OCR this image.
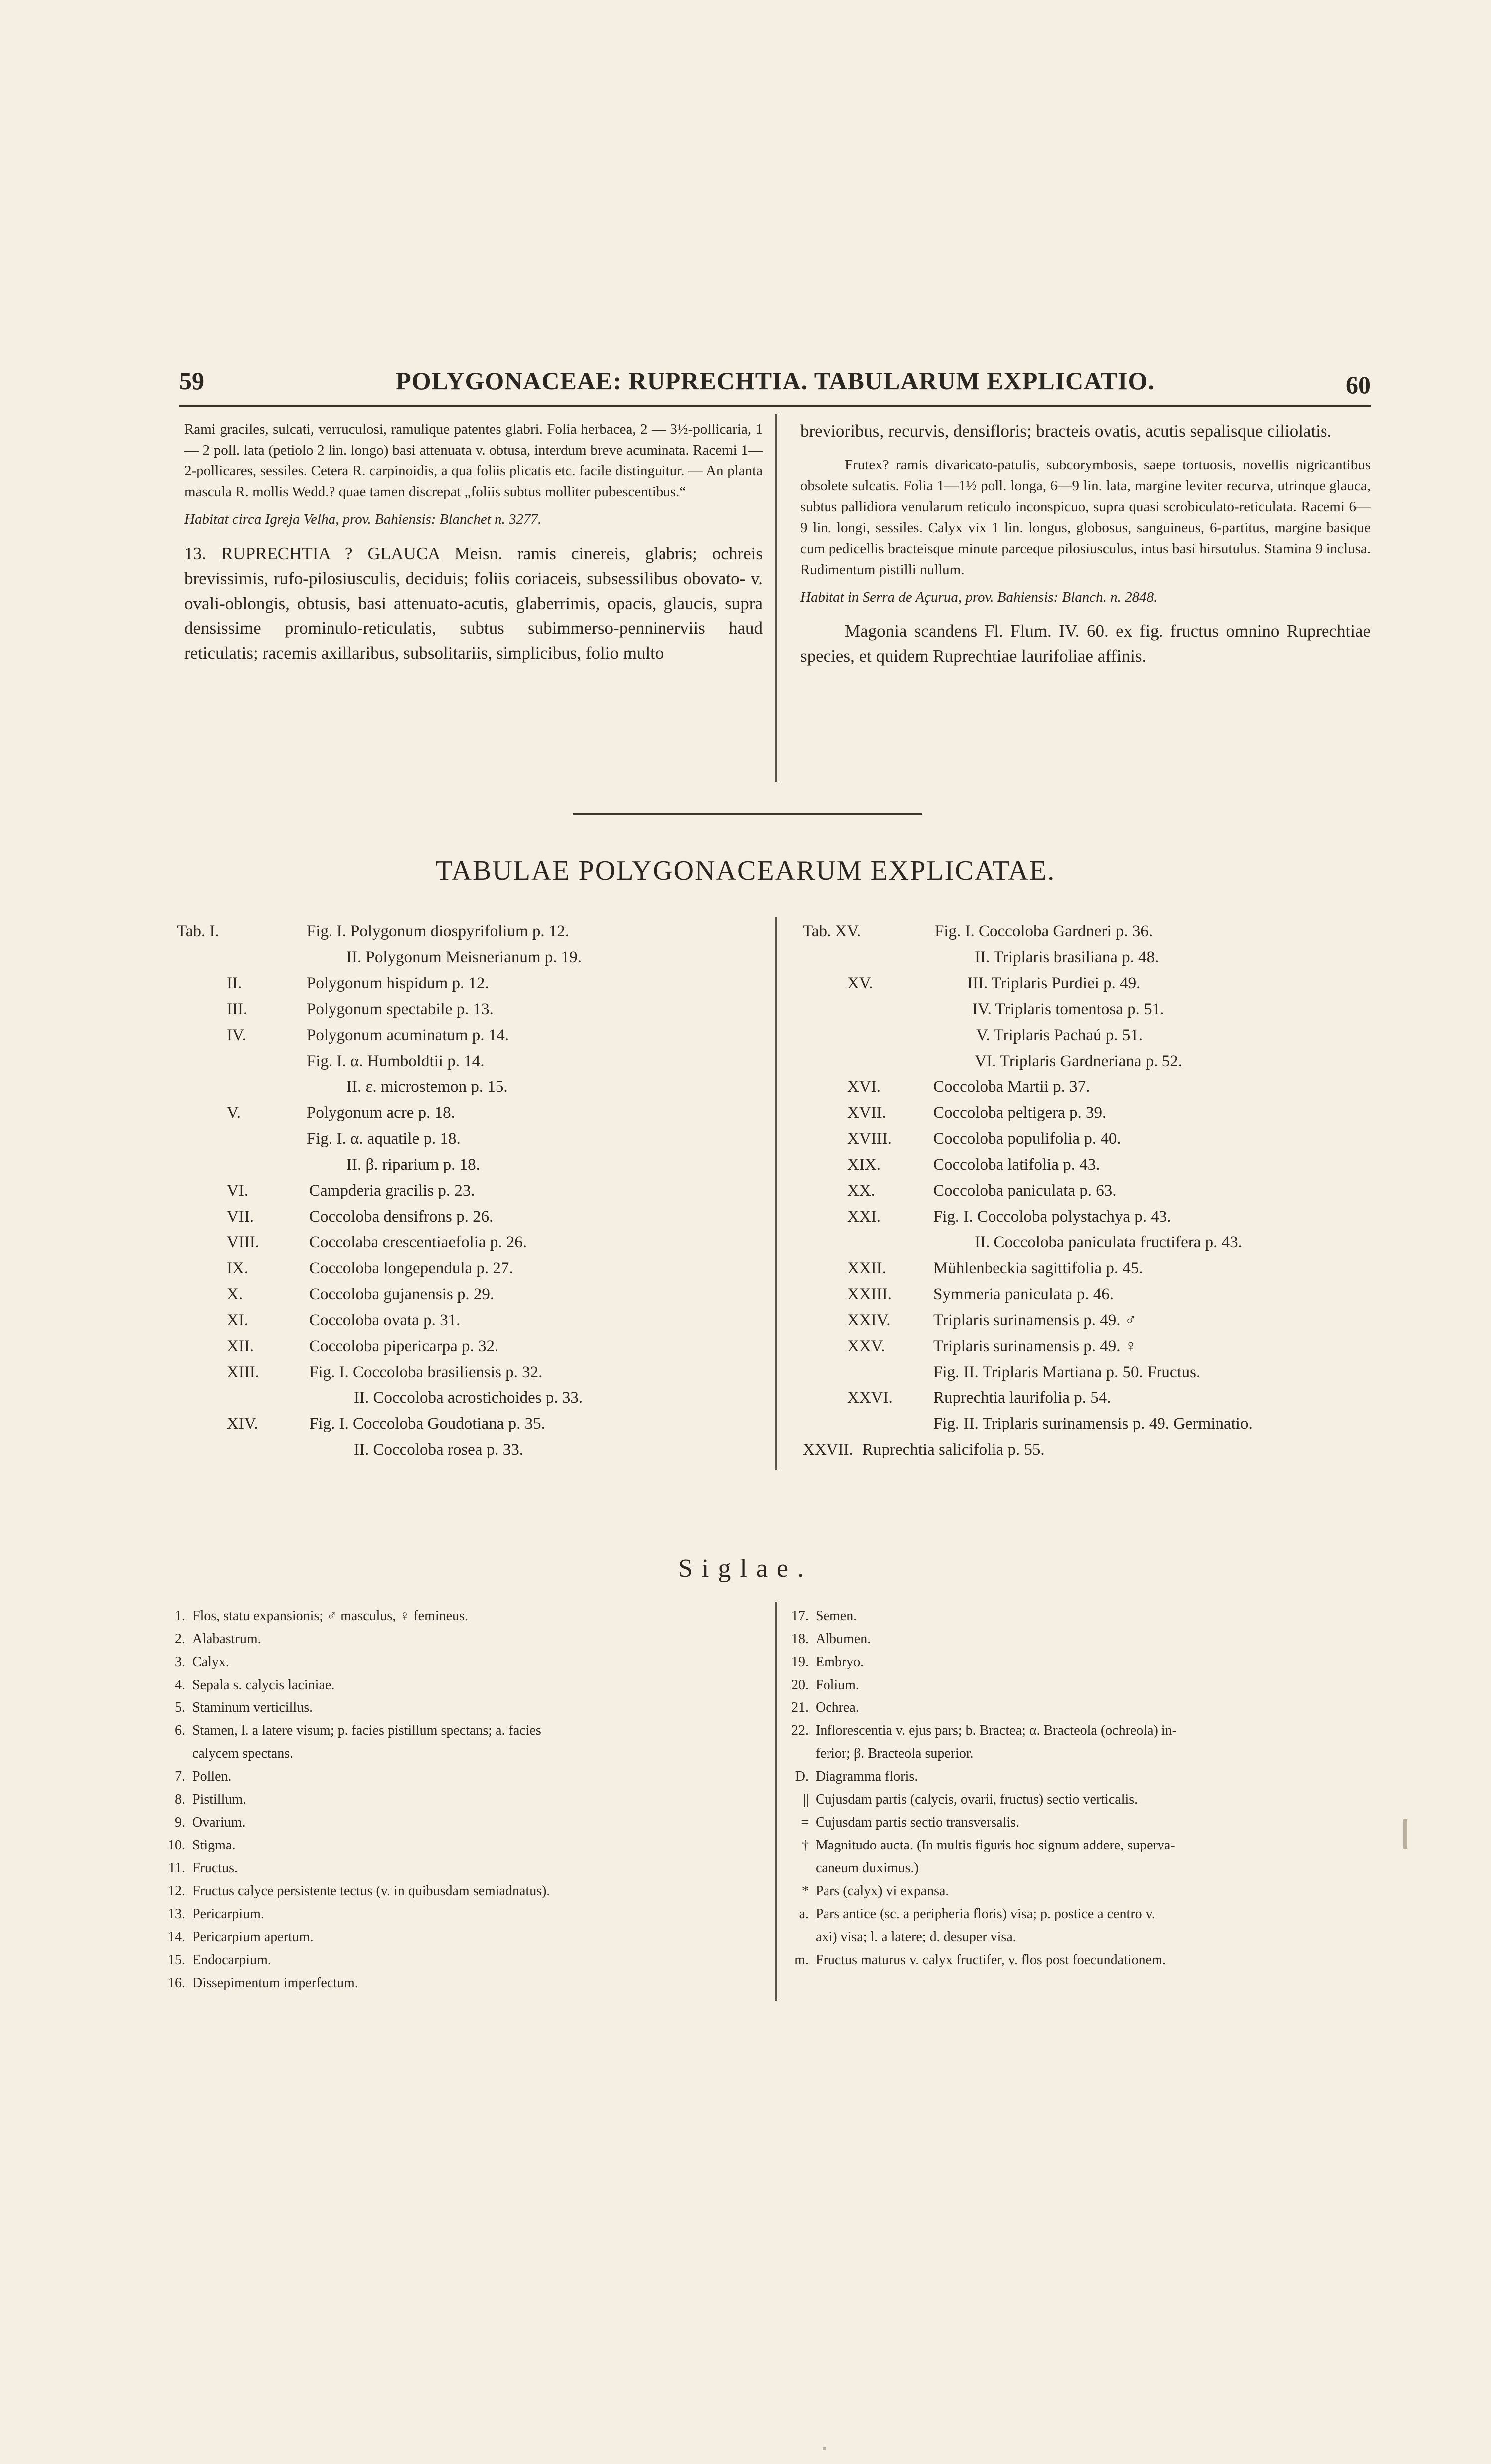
59	POLYGONACEAE: RUPRECHTIA. TABULARUM EXPLICATIO.	60

Rami graciles, sulcati, verruculosi, ramulique patentes glabri. Folia herbacea, 2 — 3½-pollicaria, 1 — 2 poll. lata (petiolo 2 lin. longo) basi attenuata v. obtusa, interdum breve acuminata. Racemi 1—2-pollicares, sessiles. Cetera R. carpinoidis, a qua foliis plicatis etc. facile distinguitur. — An planta mascula R. mollis Wedd.? quae tamen discrepat „foliis subtus molliter pubescentibus.“

Habitat circa Igreja Velha, prov. Bahiensis: Blanchet n. 3277.

13. RUPRECHTIA ? GLAUCA Meisn. ramis cinereis, glabris; ochreis brevissimis, rufo-pilosiusculis, deciduis; foliis coriaceis, subsessilibus obovato- v. ovali-oblongis, obtusis, basi attenuato-acutis, glaberrimis, opacis, glaucis, supra densissime prominulo-reticulatis, subtus subimmerso-penninerviis haud reticulatis; racemis axillaribus, subsolitariis, simplicibus, folio multo

brevioribus, recurvis, densifloris; bracteis ovatis, acutis sepalisque ciliolatis.

Frutex? ramis divaricato-patulis, subcorymbosis, saepe tortuosis, novellis nigricantibus obsolete sulcatis. Folia 1—1½ poll. longa, 6—9 lin. lata, margine leviter recurva, utrinque glauca, subtus pallidiora venularum reticulo inconspicuo, supra quasi scrobiculato-reticulata. Racemi 6—9 lin. longi, sessiles. Calyx vix 1 lin. longus, globosus, sanguineus, 6-partitus, margine basique cum pedicellis bracteisque minute parceque pilosiusculus, intus basi hirsutulus. Stamina 9 inclusa. Rudimentum pistilli nullum.

Habitat in Serra de Açurua, prov. Bahiensis: Blanch. n. 2848.

Magonia scandens Fl. Flum. IV. 60. ex fig. fructus omnino Ruprechtiae species, et quidem Ruprechtiae laurifoliae affinis.

TABULAE POLYGONACEARUM EXPLICATAE.
Tab. I.	Fig. I. Polygonum diospyrifolium p. 12.
II. Polygonum Meisnerianum p. 19.
II.	Polygonum hispidum p. 12.
III.	Polygonum spectabile p. 13.
IV.	Polygonum acuminatum p. 14.
Fig. I. α. Humboldtii p. 14.
II. ε. microstemon p. 15.
V.	Polygonum acre p. 18.
Fig. I. α. aquatile p. 18.
II. β. riparium p. 18.
VI.	Campderia gracilis p. 23.
VII.	Coccoloba densifrons p. 26.
VIII.	Coccolaba crescentiaefolia p. 26.
IX.	Coccoloba longependula p. 27.
X.	Coccoloba gujanensis p. 29.
XI.	Coccoloba ovata p. 31.
XII.	Coccoloba pipericarpa p. 32.
XIII.	Fig. I. Coccoloba brasiliensis p. 32.
II. Coccoloba acrostichoides p. 33.
XIV.	Fig. I. Coccoloba Goudotiana p. 35.
II. Coccoloba rosea p. 33.
Tab. XV.	Fig. I. Coccoloba Gardneri p. 36.
II. Triplaris brasiliana p. 48.
XV.	III. Triplaris Purdiei p. 49.
IV. Triplaris tomentosa p. 51.
V. Triplaris Pachaú p. 51.
VI. Triplaris Gardneriana p. 52.
XVI.	Coccoloba Martii p. 37.
XVII.	Coccoloba peltigera p. 39.
XVIII.	Coccoloba populifolia p. 40.
XIX.	Coccoloba latifolia p. 43.
XX.	Coccoloba paniculata p. 63.
XXI.	Fig. I. Coccoloba polystachya p. 43.
II. Coccoloba paniculata fructifera p. 43.
XXII.	Mühlenbeckia sagittifolia p. 45.
XXIII.	Symmeria paniculata p. 46.
XXIV.	Triplaris surinamensis p. 49. ♂
XXV.	Triplaris surinamensis p. 49. ♀
Fig. II. Triplaris Martiana p. 50. Fructus.
XXVI. Ruprechtia laurifolia p. 54.
Fig. II. Triplaris surinamensis p. 49. Germinatio.
XXVII. Ruprechtia salicifolia p. 55.
Siglae.
1. Flos, statu expansionis; ♂ masculus, ♀ femineus.
2. Alabastrum.
3. Calyx.
4. Sepala s. calycis laciniae.
5. Staminum verticillus.
6. Stamen, l. a latere visum; p. facies pistillum spectans; a. facies
calycem spectans.
7. Pollen.
8. Pistillum.
9. Ovarium.
10. Stigma.
11. Fructus.
12. Fructus calyce persistente tectus (v. in quibusdam semiadnatus).
13. Pericarpium.
14. Pericarpium apertum.
15. Endocarpium.
16. Dissepimentum imperfectum.
17. Semen.
18. Albumen.
19. Embryo.
20. Folium.
21. Ochrea.
22. Inflorescentia v. ejus pars; b. Bractea; α. Bracteola (ochreola) in-
ferior; β. Bracteola superior.
D. Diagramma floris.
|| Cujusdam partis (calycis, ovarii, fructus) sectio verticalis.
= Cujusdam partis sectio transversalis.
† Magnitudo aucta. (In multis figuris hoc signum addere, superva-
caneum duximus.)
* Pars (calyx) vi expansa.
a. Pars antice (sc. a peripheria floris) visa; p. postice a centro v.
axi) visa; l. a latere; d. desuper visa.
m. Fructus maturus v. calyx fructifer, v. flos post foecundationem.
